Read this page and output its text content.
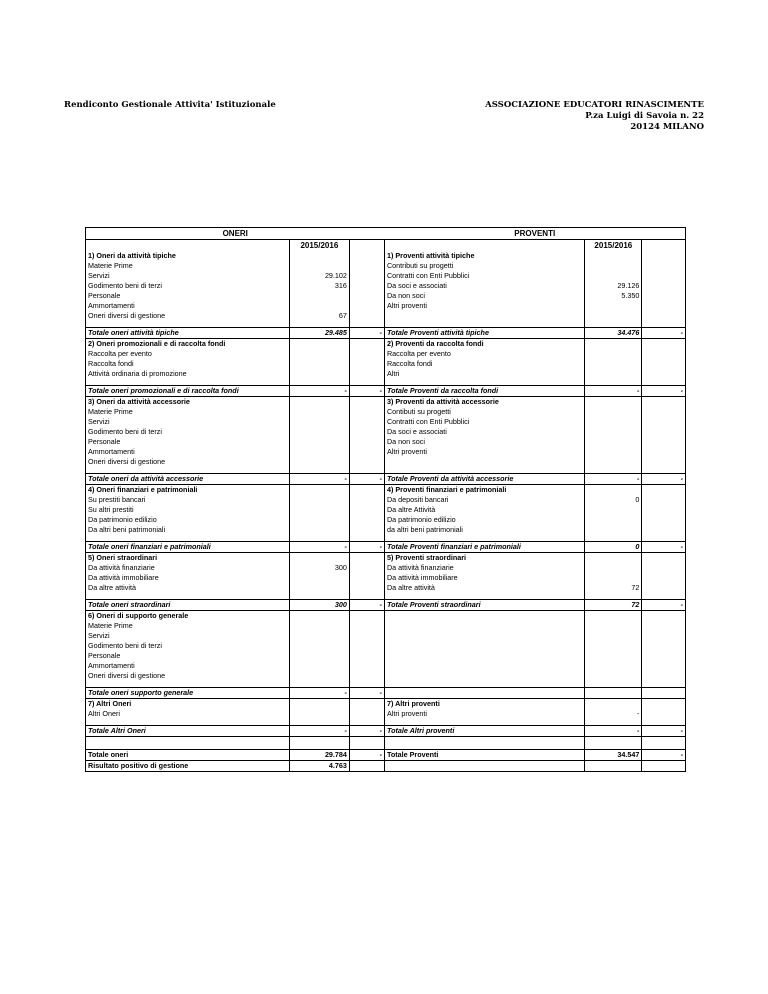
Rendiconto Gestionale Attivita' Istituzionale	ASSOCIAZIONE EDUCATORI RINASCIMENTE
P.za Luigi di Savoia n. 22
20124 MILANO
ONERI			PROVENTI		
	2015/2016			2015/2016	
1) Oneri da attività tipiche			1) Proventi attività tipiche		
Materie Prime			Contributi su progetti		
Servizi	29.102		Contratti con Enti Pubblici		
Godimento beni di terzi	316		Da soci e associati	29.126	
Personale			Da non soci	5.350	
Ammortamenti			Altri proventi		
Oneri diversi di gestione	67				

Totale oneri attività tipiche	29.485	-	Totale Proventi attività tipiche	34.476	-
2) Oneri promozionali e di raccolta fondi			2) Proventi da raccolta fondi		
Raccolta per evento			Raccolta per evento		
Raccolta fondi			Raccolta fondi		
Attività ordinaria di promozione			Altri		

Totale oneri promozionali e di raccolta fondi	-	-	Totale Proventi da raccolta fondi	-	-
3) Oneri da attività accessorie			3) Proventi da attività accessorie		
Materie Prime			Contibuti su progetti		
Servizi			Contratti con Enti Pubblici		
Godimento beni di terzi			Da soci e associati		
Personale			Da non soci		
Ammortamenti			Altri proventi		
Oneri diversi di gestione					

Totale oneri da attività accessorie	-	-	Totale Proventi da attività accessorie	-	-
4) Oneri finanziari e patrimoniali			4) Proventi finanziari e patrimoniali		
Su prestiti bancari			Da depositi bancari	0	
Su altri prestiti			Da altre Attività		
Da patrimonio edilizio			Da patrimonio edilizio		
Da altri beni patrimoniali			da altri beni patrimoniali		

Totale oneri finanziari e patrimoniali	-	-	Totale Proventi finanziari e patrimoniali	0	-
5) Oneri straordinari			5) Proventi straordinari		
Da attività finanziarie	300		Da attività finanziarie		
Da attività immobiliare			Da attività immobiliare		
Da altre attività			Da altre attività	72	

Totale oneri straordinari	300	-	Totale Proventi straordinari	72	-
6) Oneri di supporto generale					
Materie Prime					
Servizi					
Godimento beni di terzi					
Personale					
Ammortamenti					
Oneri diversi di gestione					

Totale oneri supporto generale	-	-			
7) Altri Oneri			7) Altri proventi		
Altri Oneri			Altri proventi	-	

Totale Altri Oneri	-	-	Totale Altri proventi	-	-

Totale oneri	29.784	-	Totale Proventi	34.547	-
Risultato positivo di gestione	4.763				
